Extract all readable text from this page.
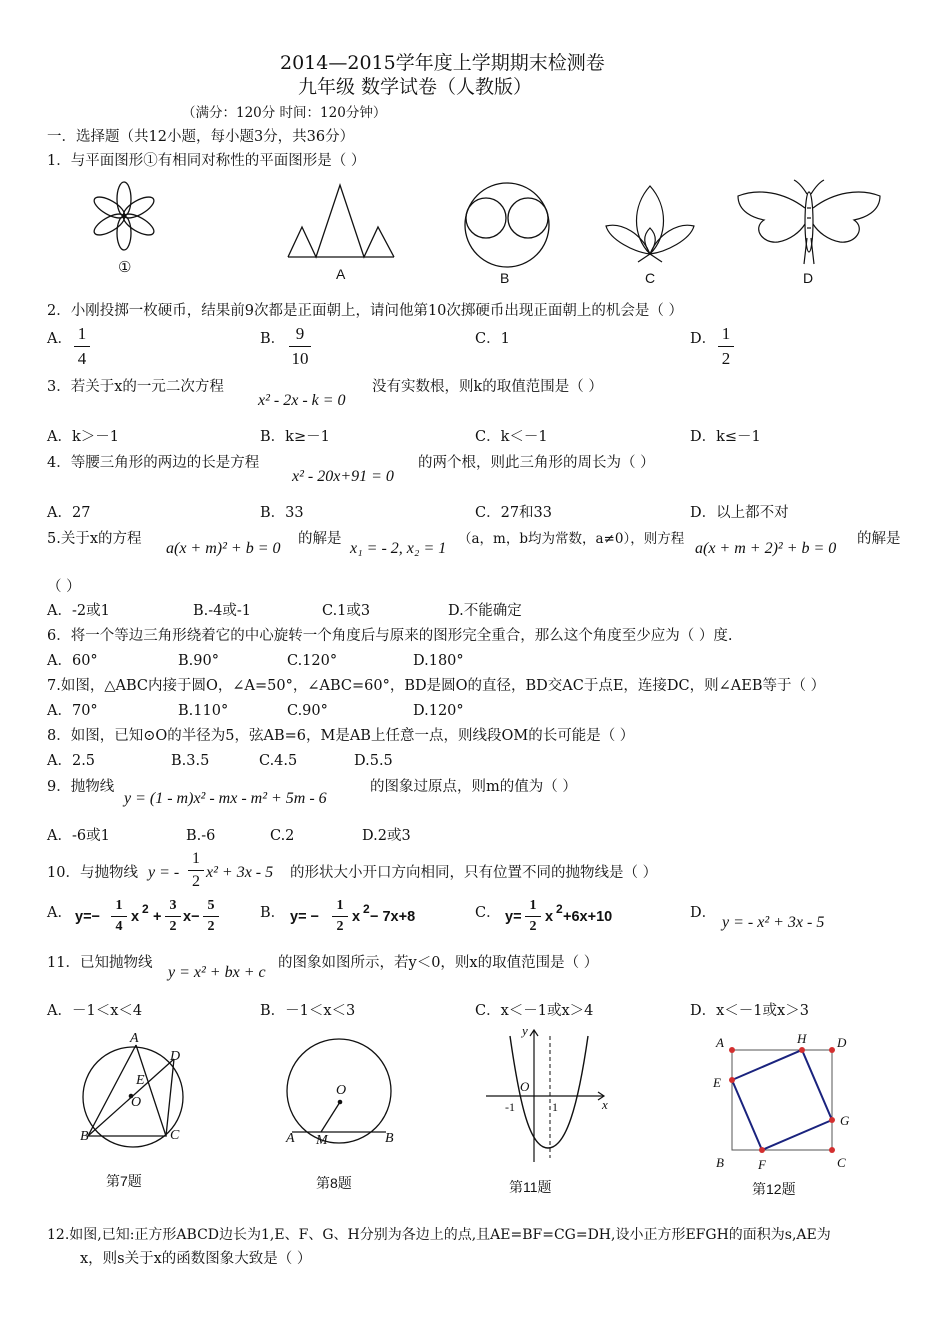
2014—2015学年度上学期期末检测卷
九年级 数学试卷（人教版）
（满分：120分 时间：120分钟）
一．选择题（共12小题，每小题3分，共36分）
1．与平面图形①有相同对称性的平面图形是（ ）
①	A	B	C	D
2．小刚投掷一枚硬币，结果前9次都是正面朝上，请问他第10次掷硬币出现正面朝上的机会是（ ）
A． 1
4
B． 9
10
C．1	D． 1
2
3．若关于x的一元二次方程
x² - 2x - k = 0
没有实数根，则k的取值范围是（ ）
A．k＞－1	B．k≥－1	C．k＜－1	D．k≤－1
4．等腰三角形的两边的长是方程
x² - 20x+91 = 0
的两个根，则此三角形的周长为（ ）
A．27	B．33	C．27和33	D．以上都不对
5.关于x的方程
a(x + m)² + b = 0
的解是
x₁ = - 2, x₂ = 1
（a，m，b均为常数，a≠0），则方程
a(x + m + 2)² + b = 0
的解是
（ ）
A．-2或1	B.-4或-1	C.1或3	D.不能确定
6．将一个等边三角形绕着它的中心旋转一个角度后与原来的图形完全重合，那么这个角度至少应为（ ）度.
A．60°	B.90°	C.120°	D.180°
7.如图，△ABC内接于圆O，∠A=50°，∠ABC=60°，BD是圆O的直径，BD交AC于点E，连接DC，则∠AEB等于（ ）
A．70°	B.110°	C.90°	D.120°
8．如图，已知⊙O的半径为5，弦AB=6，M是AB上任意一点，则线段OM的长可能是（ ）
A．2.5	B.3.5	C.4.5	D.5.5
9．抛物线
y = (1 - m)x² - mx - m² + 5m - 6
的图象过原点，则m的值为（ ）
A．-6或1	B.-6	C.2	D.2或3
10．与抛物线 y = -
1
2
x² + 3x - 5 的形状大小开口方向相同，只有位置不同的抛物线是（ ）
A． y=−
1
4
x 2 +
3
2
x−
5
2
B． y= −
1
2
x 2 − 7x+8	C． y=
1
2
x 2 +6x+10	D．
y = - x² + 3x - 5
11．已知抛物线
y = x² + bx + c
的图象如图所示，若y＜0，则x的取值范围是（ ）
A．－1＜x＜4	B．－1＜x＜3	C．x＜－1或x＞4	D．x＜－1或x＞3
A
D
E
O
B	C
第7题
O
A M	B
第8题
y
O
-1	1	x
第11题
A	H D
E
G
B	F	C
第12题
12.如图,已知:正方形ABCD边长为1,E、F、G、H分别为各边上的点,且AE=BF=CG=DH,设小正方形EFGH的面积为s,AE为
x，则s关于x的函数图象大致是（ ）
